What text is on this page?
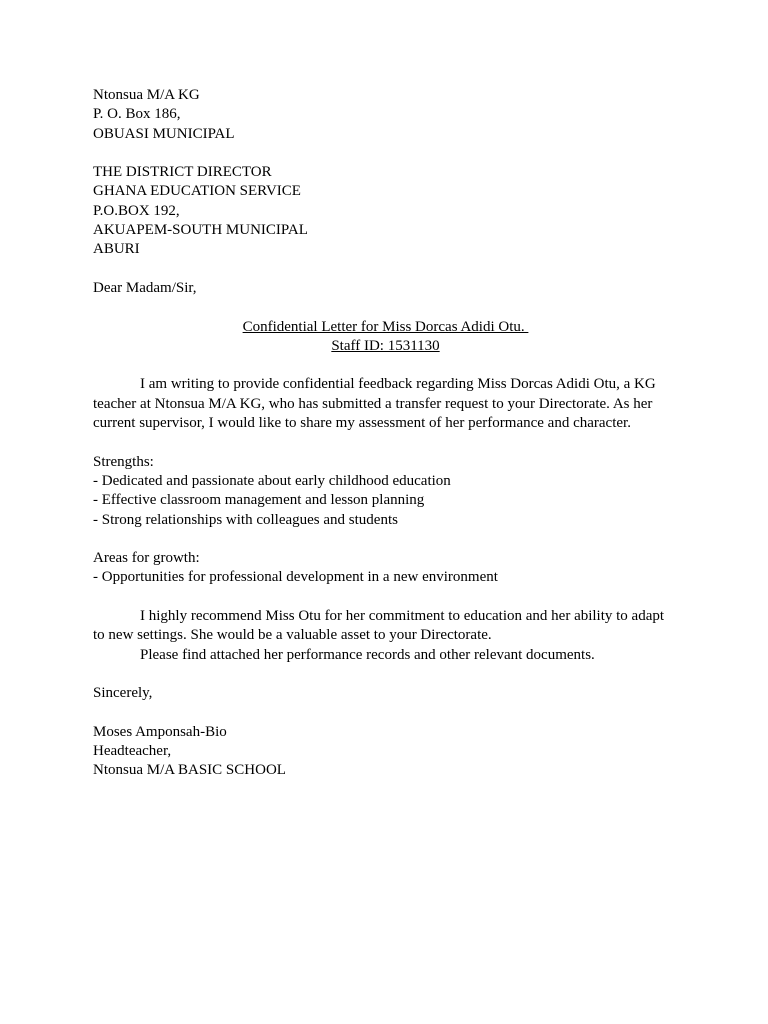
Ntonsua M/A KG
P. O. Box 186,
OBUASI MUNICIPAL
THE DISTRICT DIRECTOR
GHANA EDUCATION SERVICE
P.O.BOX 192,
AKUAPEM-SOUTH MUNICIPAL
ABURI
Dear Madam/Sir,
Confidential Letter for Miss Dorcas Adidi Otu.
Staff ID: 1531130
I am writing to provide confidential feedback regarding Miss Dorcas Adidi Otu, a KG teacher at Ntonsua M/A KG, who has submitted a transfer request to your Directorate. As her current supervisor, I would like to share my assessment of her performance and character.
Strengths:
- Dedicated and passionate about early childhood education
- Effective classroom management and lesson planning
- Strong relationships with colleagues and students
Areas for growth:
- Opportunities for professional development in a new environment
I highly recommend Miss Otu for her commitment to education and her ability to adapt to new settings. She would be a valuable asset to your Directorate.
Please find attached her performance records and other relevant documents.
Sincerely,
Moses Amponsah-Bio
Headteacher,
Ntonsua M/A BASIC SCHOOL
